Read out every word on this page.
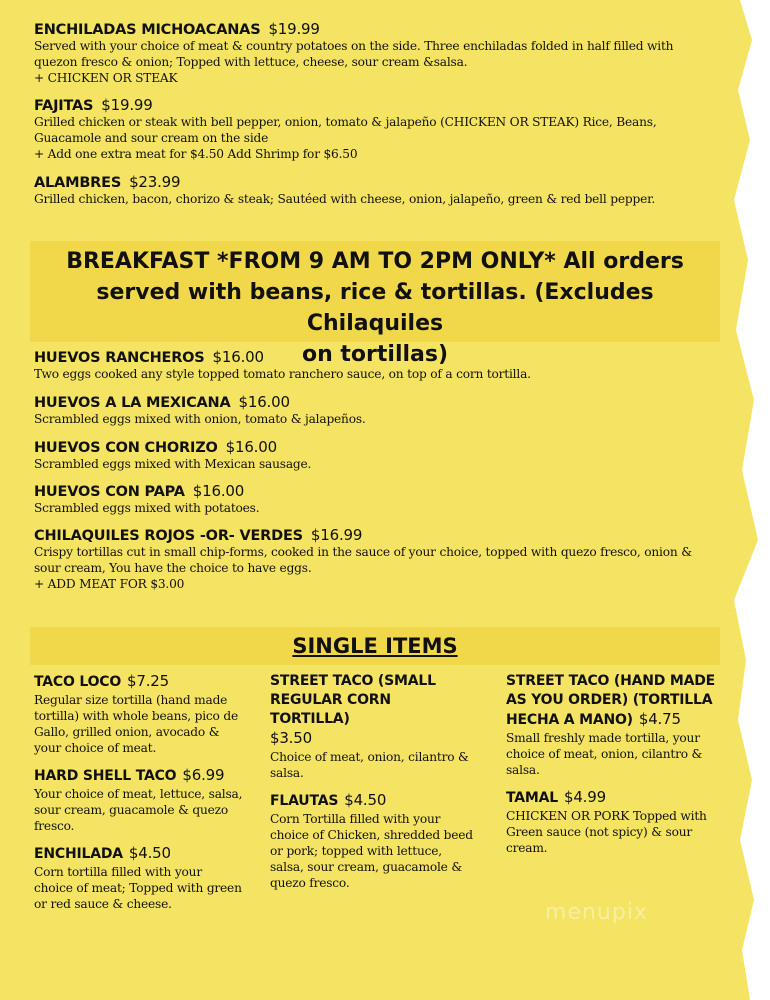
ENCHILADAS MICHOACANAS $19.99

Served with your choice of meat & country potatoes on the side. Three enchiladas folded in half filled with

quezon fresco & onion; Topped with lettuce, cheese, sour cream &salsa.

+ CHICKEN OR STEAK

FAJITAS $19.99

Grilled chicken or steak with bell pepper, onion, tomato & jalapeño (CHICKEN OR STEAK) Rice, Beans,

Guacamole and sour cream on the side

+ Add one extra meat for $4.50 Add Shrimp for $6.50

ALAMBRES $23.99

Grilled chicken, bacon, chorizo & steak; Sautéed with cheese, onion, jalapeño, green & red bell pepper.

BREAKFAST *FROM 9 AM TO 2PM ONLY* All orders
served with beans, rice & tortillas. (Excludes Chilaquiles
on tortillas)
HUEVOS RANCHEROS $16.00

Two eggs cooked any style topped tomato ranchero sauce, on top of a corn tortilla.

HUEVOS A LA MEXICANA $16.00

Scrambled eggs mixed with onion, tomato & jalapeños.

HUEVOS CON CHORIZO $16.00

Scrambled eggs mixed with Mexican sausage.

HUEVOS CON PAPA $16.00

Scrambled eggs mixed with potatoes.

CHILAQUILES ROJOS -OR- VERDES $16.99

Crispy tortillas cut in small chip-forms, cooked in the sauce of your choice, topped with quezo fresco, onion &

sour cream, You have the choice to have eggs.

+ ADD MEAT FOR $3.00

SINGLE ITEMS
TACO LOCO $7.25

Regular size tortilla (hand made tortilla) with whole beans, pico de Gallo, grilled onion, avocado & your choice of meat.

HARD SHELL TACO $6.99

Your choice of meat, lettuce, salsa, sour cream, guacamole & quezo fresco.

ENCHILADA $4.50

Corn tortilla filled with your choice of meat; Topped with green or red sauce & cheese.

STREET TACO (SMALL REGULAR CORN TORTILLA)
$3.50

Choice of meat, onion, cilantro & salsa.

FLAUTAS $4.50

Corn Tortilla filled with your choice of Chicken, shredded beed or pork; topped with lettuce, salsa, sour cream, guacamole & quezo fresco.

STREET TACO (HAND MADE AS YOU ORDER) (TORTILLA HECHA A MANO) $4.75

Small freshly made tortilla, your choice of meat, onion, cilantro & salsa.

TAMAL $4.99

CHICKEN OR PORK Topped with Green sauce (not spicy) & sour cream.

menupix
